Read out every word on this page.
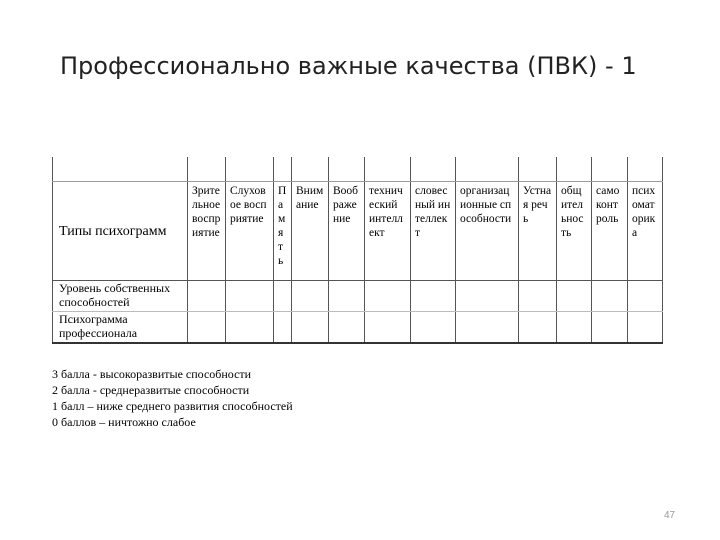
Профессионально важные качества (ПВК) - 1

Типы психограмм	Зрительное восприятие	Слуховое восприятие	Память	Внимание	Воображение	технический интеллект	словесный интеллект	организационные способности	Устная речь	общительность	самоконтроль	психоматорика
Уровень собственных способностей												
Психограмма профессионала												
3 балла - высокоразвитые способности
2 балла - среднеразвитые способности
1 балл – ниже среднего развития способностей
0 баллов – ничтожно слабое
47
